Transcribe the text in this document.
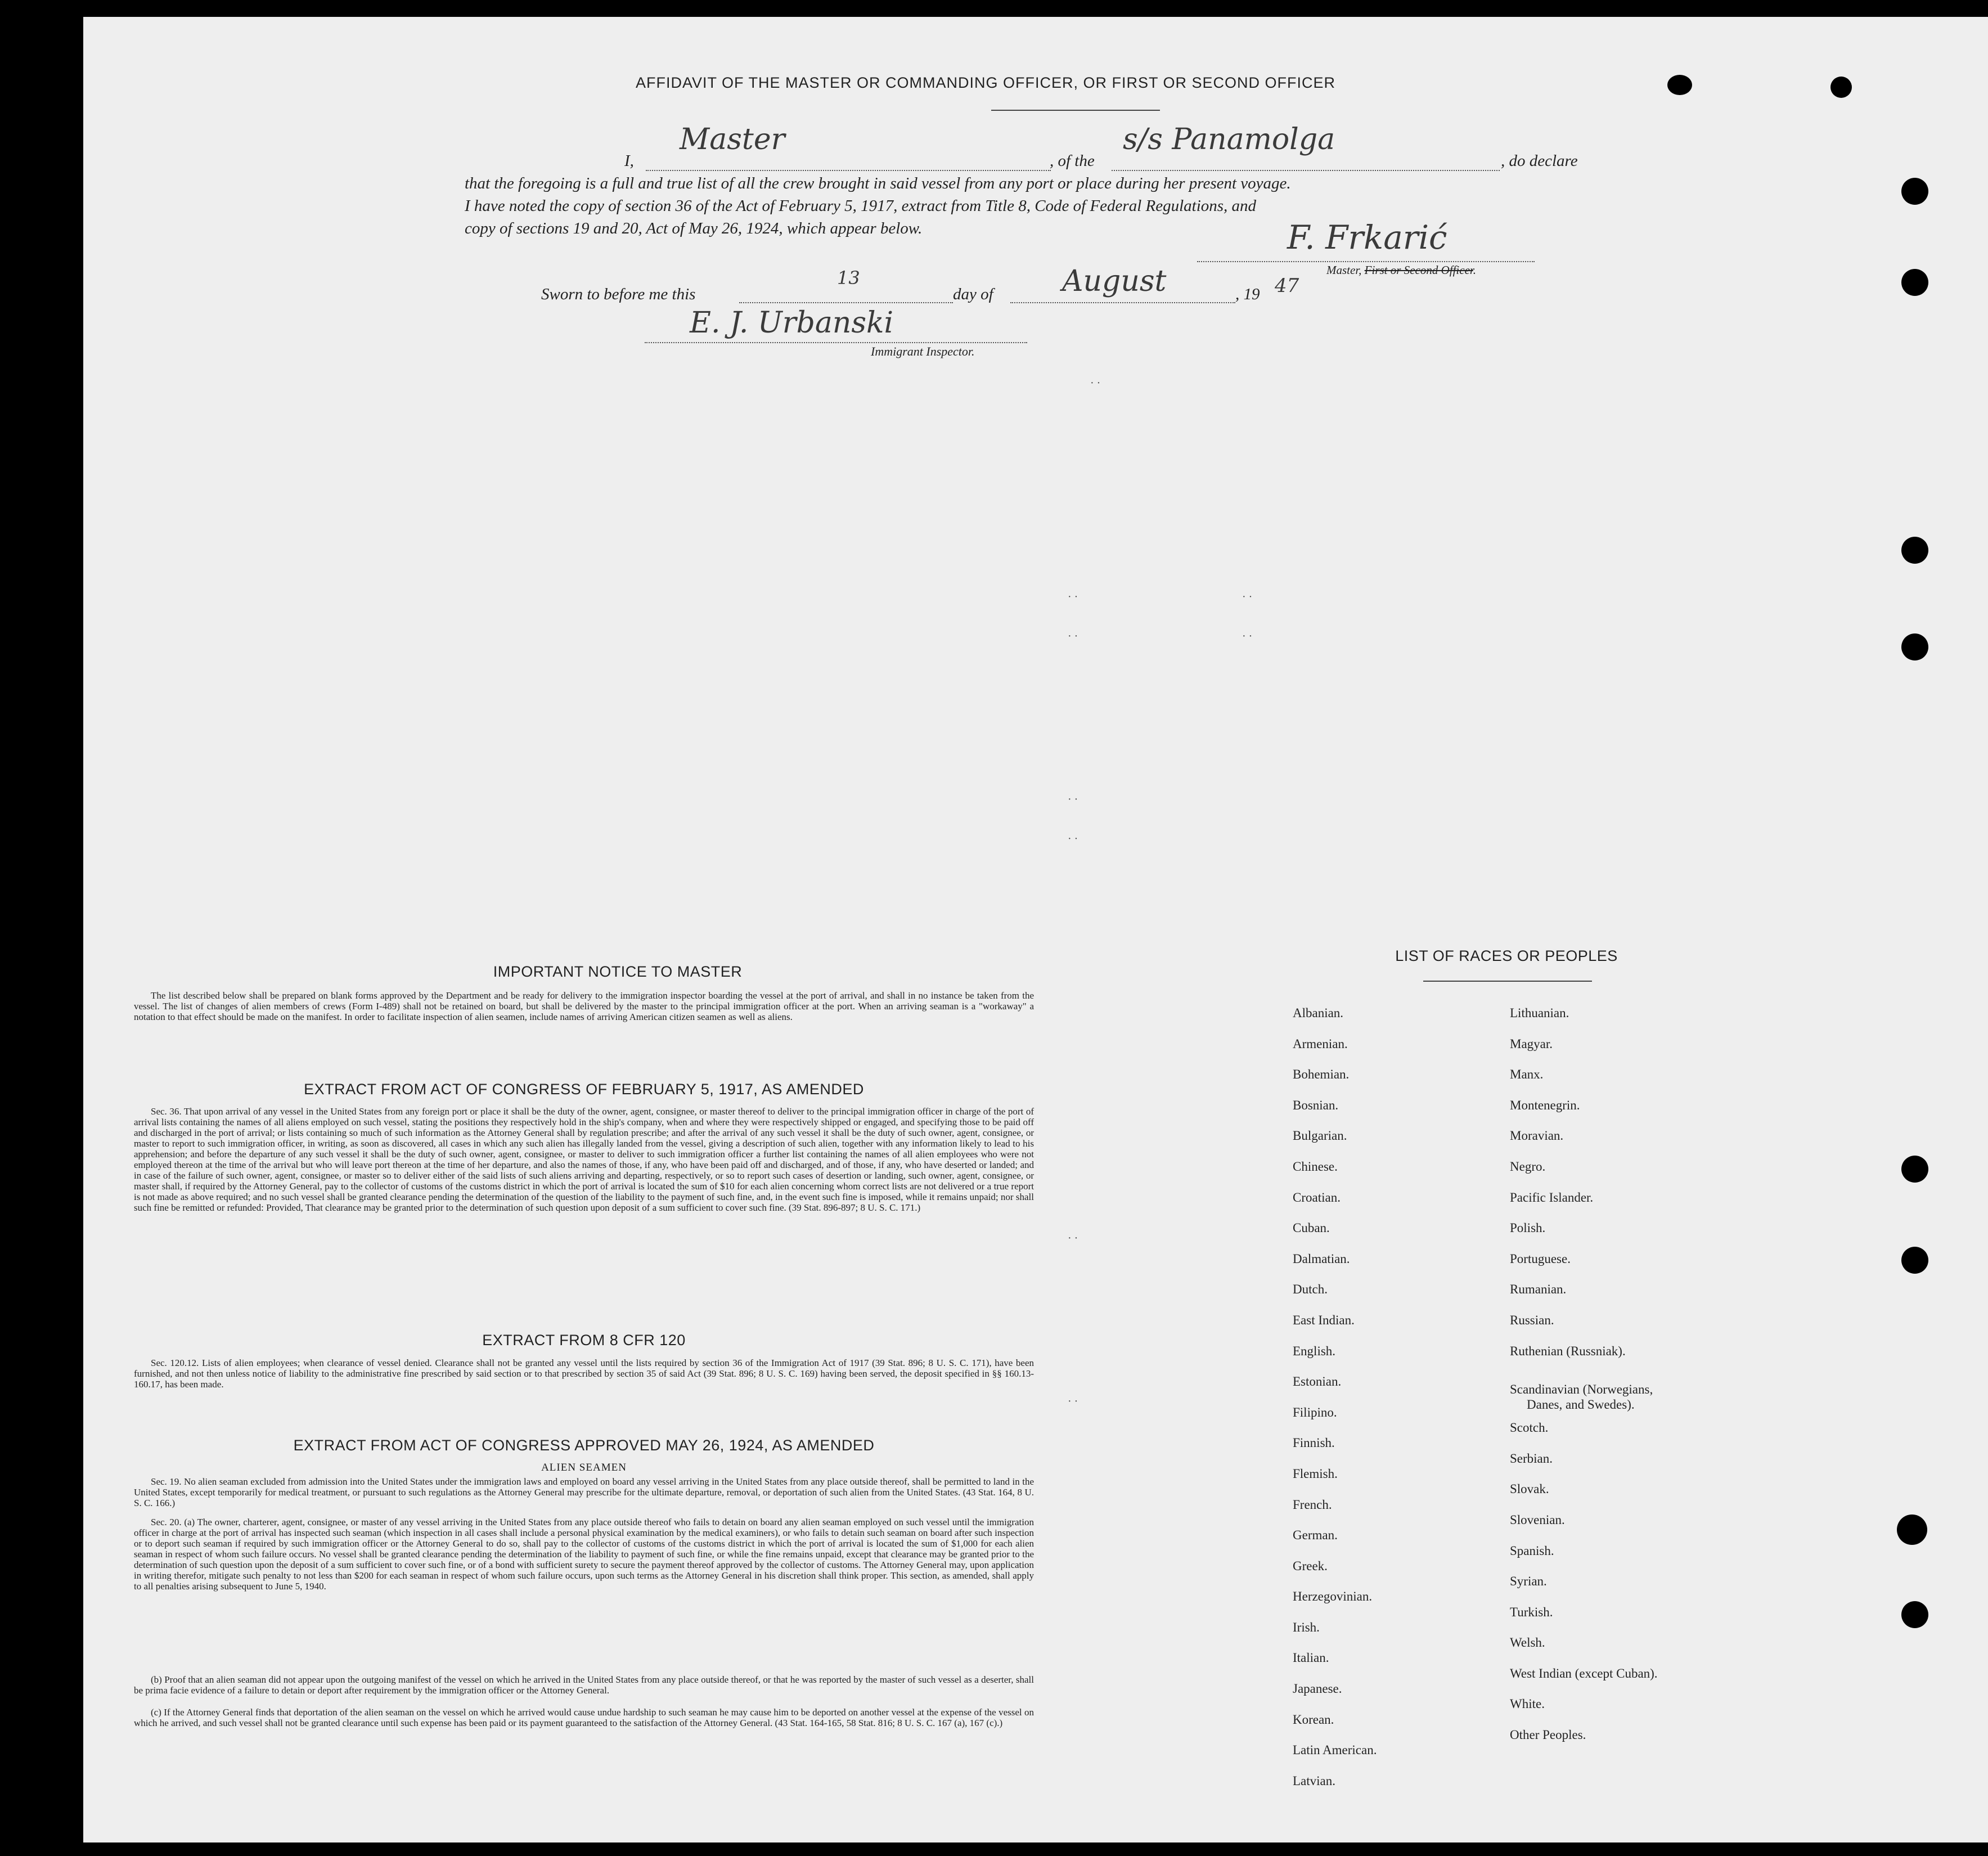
AFFIDAVIT OF THE MASTER OR COMMANDING OFFICER, OR FIRST OR SECOND OFFICER
I,
Master
, of the
s/s Panamolga
, do declare
that the foregoing is a full and true list of all the crew brought in said vessel from any port or place during her present voyage.
I have noted the copy of section 36 of the Act of February 5, 1917, extract from Title 8, Code of Federal Regulations, and
copy of sections 19 and 20, Act of May 26, 1924, which appear below.	F. Frkarić
Master, First or Second Officer.
Sworn to before me this
13
day of August	, 19 47
E. J. Urbanski
Immigrant Inspector.
· ·
· ·	· ·
· ·	· ·
· ·
· ·
· ·
· ·
IMPORTANT NOTICE TO MASTER
The list described below shall be prepared on blank forms approved by the Department and be ready for delivery to the immigration inspector boarding the vessel at the port of arrival, and shall in no instance be taken from the vessel. The list of changes of alien members of crews (Form I-489) shall not be retained on board, but shall be delivered by the master to the principal immigration officer at the port. When an arriving seaman is a "workaway" a notation to that effect should be made on the manifest. In order to facilitate inspection of alien seamen, include names of arriving American citizen seamen as well as aliens.
EXTRACT FROM ACT OF CONGRESS OF FEBRUARY 5, 1917, AS AMENDED
Sec. 36. That upon arrival of any vessel in the United States from any foreign port or place it shall be the duty of the owner, agent, consignee, or master thereof to deliver to the principal immigration officer in charge of the port of arrival lists containing the names of all aliens employed on such vessel, stating the positions they respectively hold in the ship's company, when and where they were respectively shipped or engaged, and specifying those to be paid off and discharged in the port of arrival; or lists containing so much of such information as the Attorney General shall by regulation prescribe; and after the arrival of any such vessel it shall be the duty of such owner, agent, consignee, or master to report to such immigration officer, in writing, as soon as discovered, all cases in which any such alien has illegally landed from the vessel, giving a description of such alien, together with any information likely to lead to his apprehension; and before the departure of any such vessel it shall be the duty of such owner, agent, consignee, or master to deliver to such immigration officer a further list containing the names of all alien employees who were not employed thereon at the time of the arrival but who will leave port thereon at the time of her departure, and also the names of those, if any, who have been paid off and discharged, and of those, if any, who have deserted or landed; and in case of the failure of such owner, agent, consignee, or master so to deliver either of the said lists of such aliens arriving and departing, respectively, or so to report such cases of desertion or landing, such owner, agent, consignee, or master shall, if required by the Attorney General, pay to the collector of customs of the customs district in which the port of arrival is located the sum of $10 for each alien concerning whom correct lists are not delivered or a true report is not made as above required; and no such vessel shall be granted clearance pending the determination of the question of the liability to the payment of such fine, and, in the event such fine is imposed, while it remains unpaid; nor shall such fine be remitted or refunded: Provided, That clearance may be granted prior to the determination of such question upon deposit of a sum sufficient to cover such fine. (39 Stat. 896-897; 8 U. S. C. 171.)
EXTRACT FROM 8 CFR 120
Sec. 120.12. Lists of alien employees; when clearance of vessel denied. Clearance shall not be granted any vessel until the lists required by section 36 of the Immigration Act of 1917 (39 Stat. 896; 8 U. S. C. 171), have been furnished, and not then unless notice of liability to the administrative fine prescribed by said section or to that prescribed by section 35 of said Act (39 Stat. 896; 8 U. S. C. 169) having been served, the deposit specified in §§ 160.13-160.17, has been made.
EXTRACT FROM ACT OF CONGRESS APPROVED MAY 26, 1924, AS AMENDED
ALIEN SEAMEN
Sec. 19. No alien seaman excluded from admission into the United States under the immigration laws and employed on board any vessel arriving in the United States from any place outside thereof, shall be permitted to land in the United States, except temporarily for medical treatment, or pursuant to such regulations as the Attorney General may prescribe for the ultimate departure, removal, or deportation of such alien from the United States. (43 Stat. 164, 8 U. S. C. 166.)
Sec. 20. (a) The owner, charterer, agent, consignee, or master of any vessel arriving in the United States from any place outside thereof who fails to detain on board any alien seaman employed on such vessel until the immigration officer in charge at the port of arrival has inspected such seaman (which inspection in all cases shall include a personal physical examination by the medical examiners), or who fails to detain such seaman on board after such inspection or to deport such seaman if required by such immigration officer or the Attorney General to do so, shall pay to the collector of customs of the customs district in which the port of arrival is located the sum of $1,000 for each alien seaman in respect of whom such failure occurs. No vessel shall be granted clearance pending the determination of the liability to payment of such fine, or while the fine remains unpaid, except that clearance may be granted prior to the determination of such question upon the deposit of a sum sufficient to cover such fine, or of a bond with sufficient surety to secure the payment thereof approved by the collector of customs. The Attorney General may, upon application in writing therefor, mitigate such penalty to not less than $200 for each seaman in respect of whom such failure occurs, upon such terms as the Attorney General in his discretion shall think proper. This section, as amended, shall apply to all penalties arising subsequent to June 5, 1940.
(b) Proof that an alien seaman did not appear upon the outgoing manifest of the vessel on which he arrived in the United States from any place outside thereof, or that he was reported by the master of such vessel as a deserter, shall be prima facie evidence of a failure to detain or deport after requirement by the immigration officer or the Attorney General.
(c) If the Attorney General finds that deportation of the alien seaman on the vessel on which he arrived would cause undue hardship to such seaman he may cause him to be deported on another vessel at the expense of the vessel on which he arrived, and such vessel shall not be granted clearance until such expense has been paid or its payment guaranteed to the satisfaction of the Attorney General. (43 Stat. 164-165, 58 Stat. 816; 8 U. S. C. 167 (a), 167 (c).)
LIST OF RACES OR PEOPLES
Albanian.
Armenian.
Bohemian.
Bosnian.
Bulgarian.
Chinese.
Croatian.
Cuban.
Dalmatian.
Dutch.
East Indian.
English.
Estonian.
Filipino.
Finnish.
Flemish.
French.
German.
Greek.
Herzegovinian.
Irish.
Italian.
Japanese.
Korean.
Latin American.
Latvian.
Lithuanian.
Magyar.
Manx.
Montenegrin.
Moravian.
Negro.
Pacific Islander.
Polish.
Portuguese.
Rumanian.
Russian.
Ruthenian (Russniak).
Scandinavian (Norwegians,
Danes, and Swedes).
Scotch.
Serbian.
Slovak.
Slovenian.
Spanish.
Syrian.
Turkish.
Welsh.
West Indian (except Cuban).
White.
Other Peoples.
